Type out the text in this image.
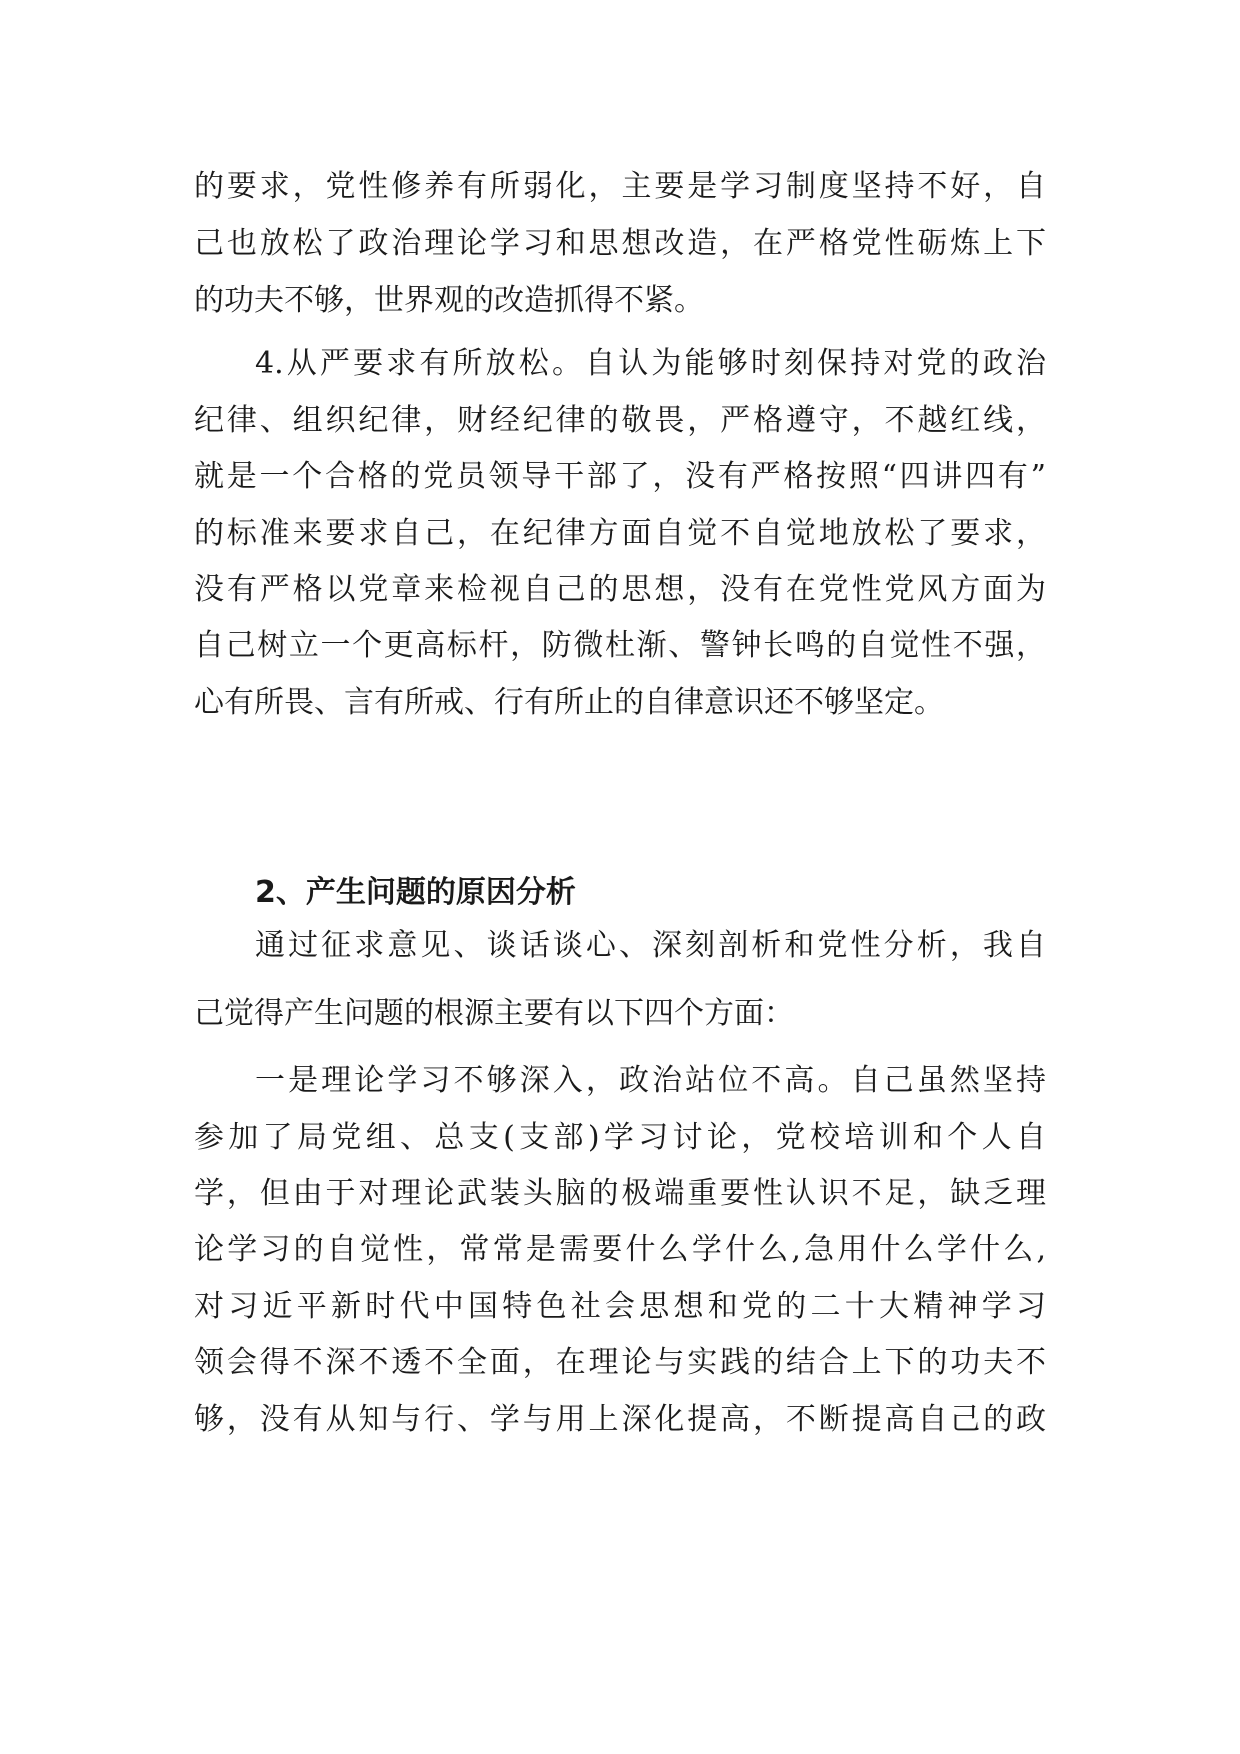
的要求，党性修养有所弱化，主要是学习制度坚持不好，自
己也放松了政治理论学习和思想改造，在严格党性砺炼上下
的功夫不够，世界观的改造抓得不紧。
4.从严要求有所放松。自认为能够时刻保持对党的政治
纪律、组织纪律，财经纪律的敬畏，严格遵守，不越红线，
就是一个合格的党员领导干部了，没有严格按照“四讲四有”
的标准来要求自己，在纪律方面自觉不自觉地放松了要求，
没有严格以党章来检视自己的思想，没有在党性党风方面为
自己树立一个更高标杆，防微杜渐、警钟长鸣的自觉性不强，
心有所畏、言有所戒、行有所止的自律意识还不够坚定。
2、产生问题的原因分析
通过征求意见、谈话谈心、深刻剖析和党性分析，我自
己觉得产生问题的根源主要有以下四个方面：
一是理论学习不够深入，政治站位不高。自己虽然坚持
参加了局党组、总支(支部)学习讨论，党校培训和个人自
学，但由于对理论武装头脑的极端重要性认识不足，缺乏理
论学习的自觉性，常常是需要什么学什么,急用什么学什么,
对习近平新时代中国特色社会思想和党的二十大精神学习
领会得不深不透不全面，在理论与实践的结合上下的功夫不
够，没有从知与行、学与用上深化提高，不断提高自己的政
